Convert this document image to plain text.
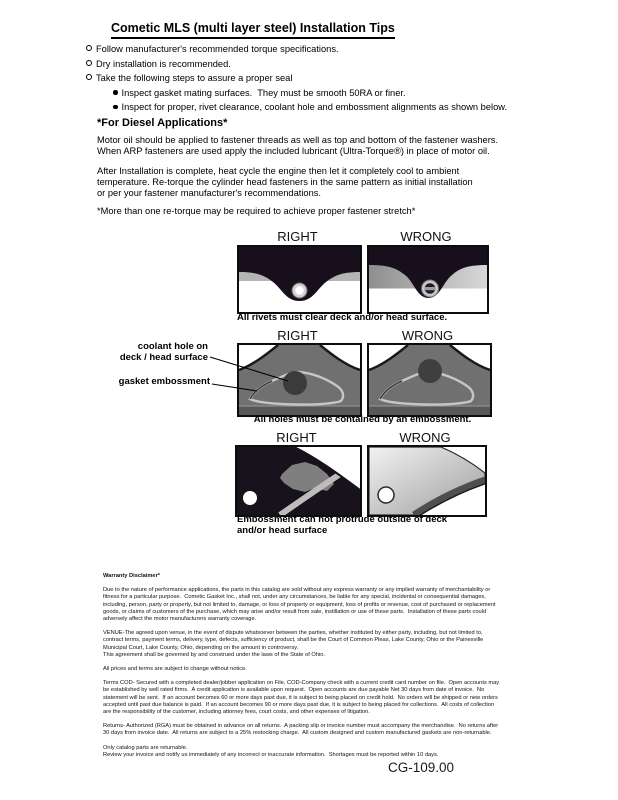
Cometic MLS (multi layer steel) Installation Tips
Follow manufacturer's recommended torque specifications.
Dry installation is recommended.
Take the following steps to assure a proper seal
Inspect gasket mating surfaces.  They must be smooth 50RA or finer.
Inspect for proper, rivet clearance, coolant hole and embossment alignments as shown below.
*For Diesel Applications*
Motor oil should be applied to fastener threads as well as top and bottom of the fastener washers.
When ARP fasteners are used apply the included lubricant (Ultra-Torque®) in place of motor oil.
After Installation is complete, heat cycle the engine then let it completely cool to ambient
temperature. Re-torque the cylinder head fasteners in the same pattern as initial installation
or per your fastener manufacturer's recommendations.
*More than one re-torque may be required to achieve proper fastener stretch*
RIGHT	WRONG
All rivets must clear deck and/or head surface.
RIGHT	WRONG
coolant hole on
deck / head surface
gasket embossment
All holes must be contained by an embossment.
RIGHT	WRONG
Embossment can not protrude outside of deck
and/or head surface
Warranty Disclaimer*
Due to the nature of performance applications, the parts in this catalog are sold without any express warranty or any implied warranty of merchantability or
fitness for a particular purpose.  Cometic Gasket Inc., shall not, under any circumstances, be liable for any special, incidental or consequential damages,
including, person, party or property, but not limited to, damage, or loss of property or equipment, loss of profits or revenue, cost of purchased or replacement
goods, or claims of customers of the purchase, which may arise and/or result from sale, instillation or use of these parts.  Installation of these parts could
adversely affect the motor manufacturers warranty coverage.
VENUE-The agreed upon venue, in the event of dispute whatsoever between the parties, whether instituted by either party, including, but not limited to,
contract terms, payment terms, delivery, type, defects, sufficiency of product, shall be the Court of Common Pleas, Lake County, Ohio or the Painesville
Municipal Court, Lake County, Ohio, depending on the amount in controversy.
This agreement shall be governed by and construed under the laws of the State of Ohio.
All prices and terms are subject to change without notice.
Terms COD- Secured with a completed dealer/jobber application on File, COD-Company check with a current credit card number on file.  Open accounts may
be established by well rated firms.  A credit application is available upon request.  Open accounts are due payable Net 30 days from date of invoice.  No
statement will be sent.  If an account becomes 60 or more days past due, it is subject to being placed on credit hold.  No orders will be shipped or new orders
accepted until past due balance is paid.  If an account becomes 90 or more days past due, it is subject to being placed for collections.  All costs of collection
are the responsibility of the customer, including attorney fees, court costs, and other expenses of litigation.
Returns- Authorized (RGA) must be obtained in advance on all returns.  A packing slip or invoice number must accompany the merchandise.  No returns after
30 days from invoice date.  All returns are subject to a 25% restocking charge.  All custom designed and custom manufactured gaskets are non-returnable.
Only catalog parts are returnable.
Review your invoice and notify us immediately of any incorrect or inaccurate information.  Shortages must be reported within 10 days.
CG-109.00
